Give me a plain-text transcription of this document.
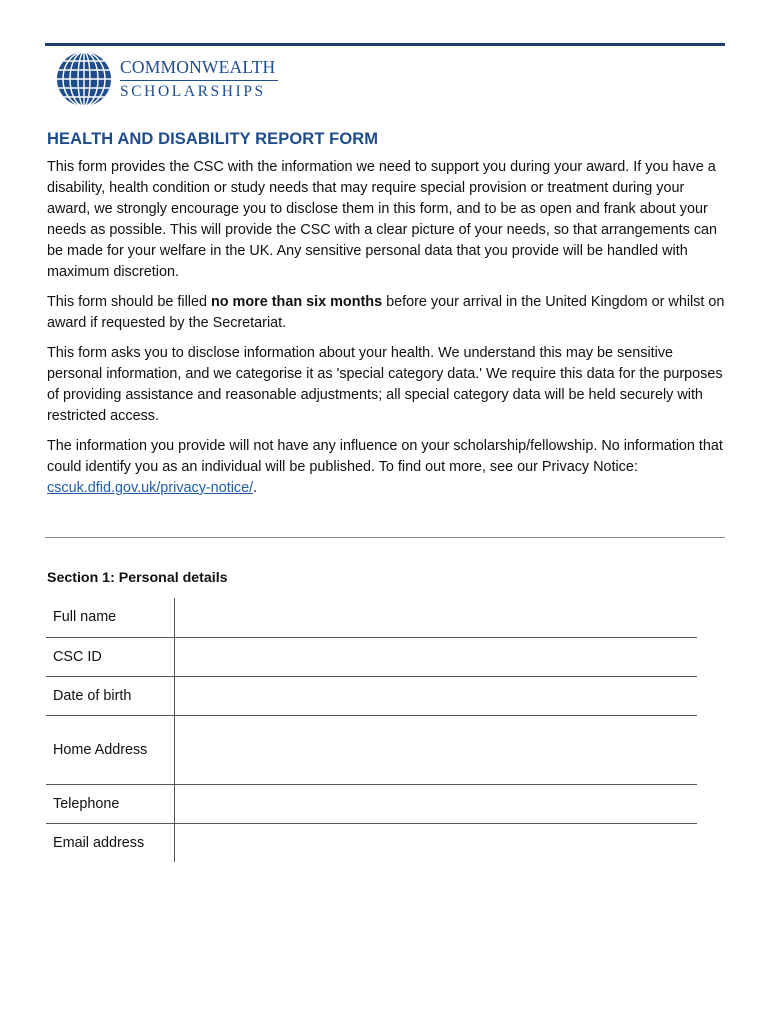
COMMONWEALTH
SCHOLARSHIPS
HEALTH AND DISABILITY REPORT FORM

This form provides the CSC with the information we need to support you during your award. If you have a disability, health condition or study needs that may require special provision or treatment during your award, we strongly encourage you to disclose them in this form, and to be as open and frank about your needs as possible. This will provide the CSC with a clear picture of your needs, so that arrangements can be made for your welfare in the UK. Any sensitive personal data that you provide will be handled with maximum discretion.

This form should be filled no more than six months before your arrival in the United Kingdom or whilst on award if requested by the Secretariat.

This form asks you to disclose information about your health. We understand this may be sensitive personal information, and we categorise it as 'special category data.' We require this data for the purposes of providing assistance and reasonable adjustments; all special category data will be held securely with restricted access.

The information you provide will not have any influence on your scholarship/fellowship. No information that could identify you as an individual will be published. To find out more, see our Privacy Notice: cscuk.dfid.gov.uk/privacy-notice/.

Section 1: Personal details
Full name	
CSC ID	
Date of birth	
Home Address	
Telephone	
Email address	
